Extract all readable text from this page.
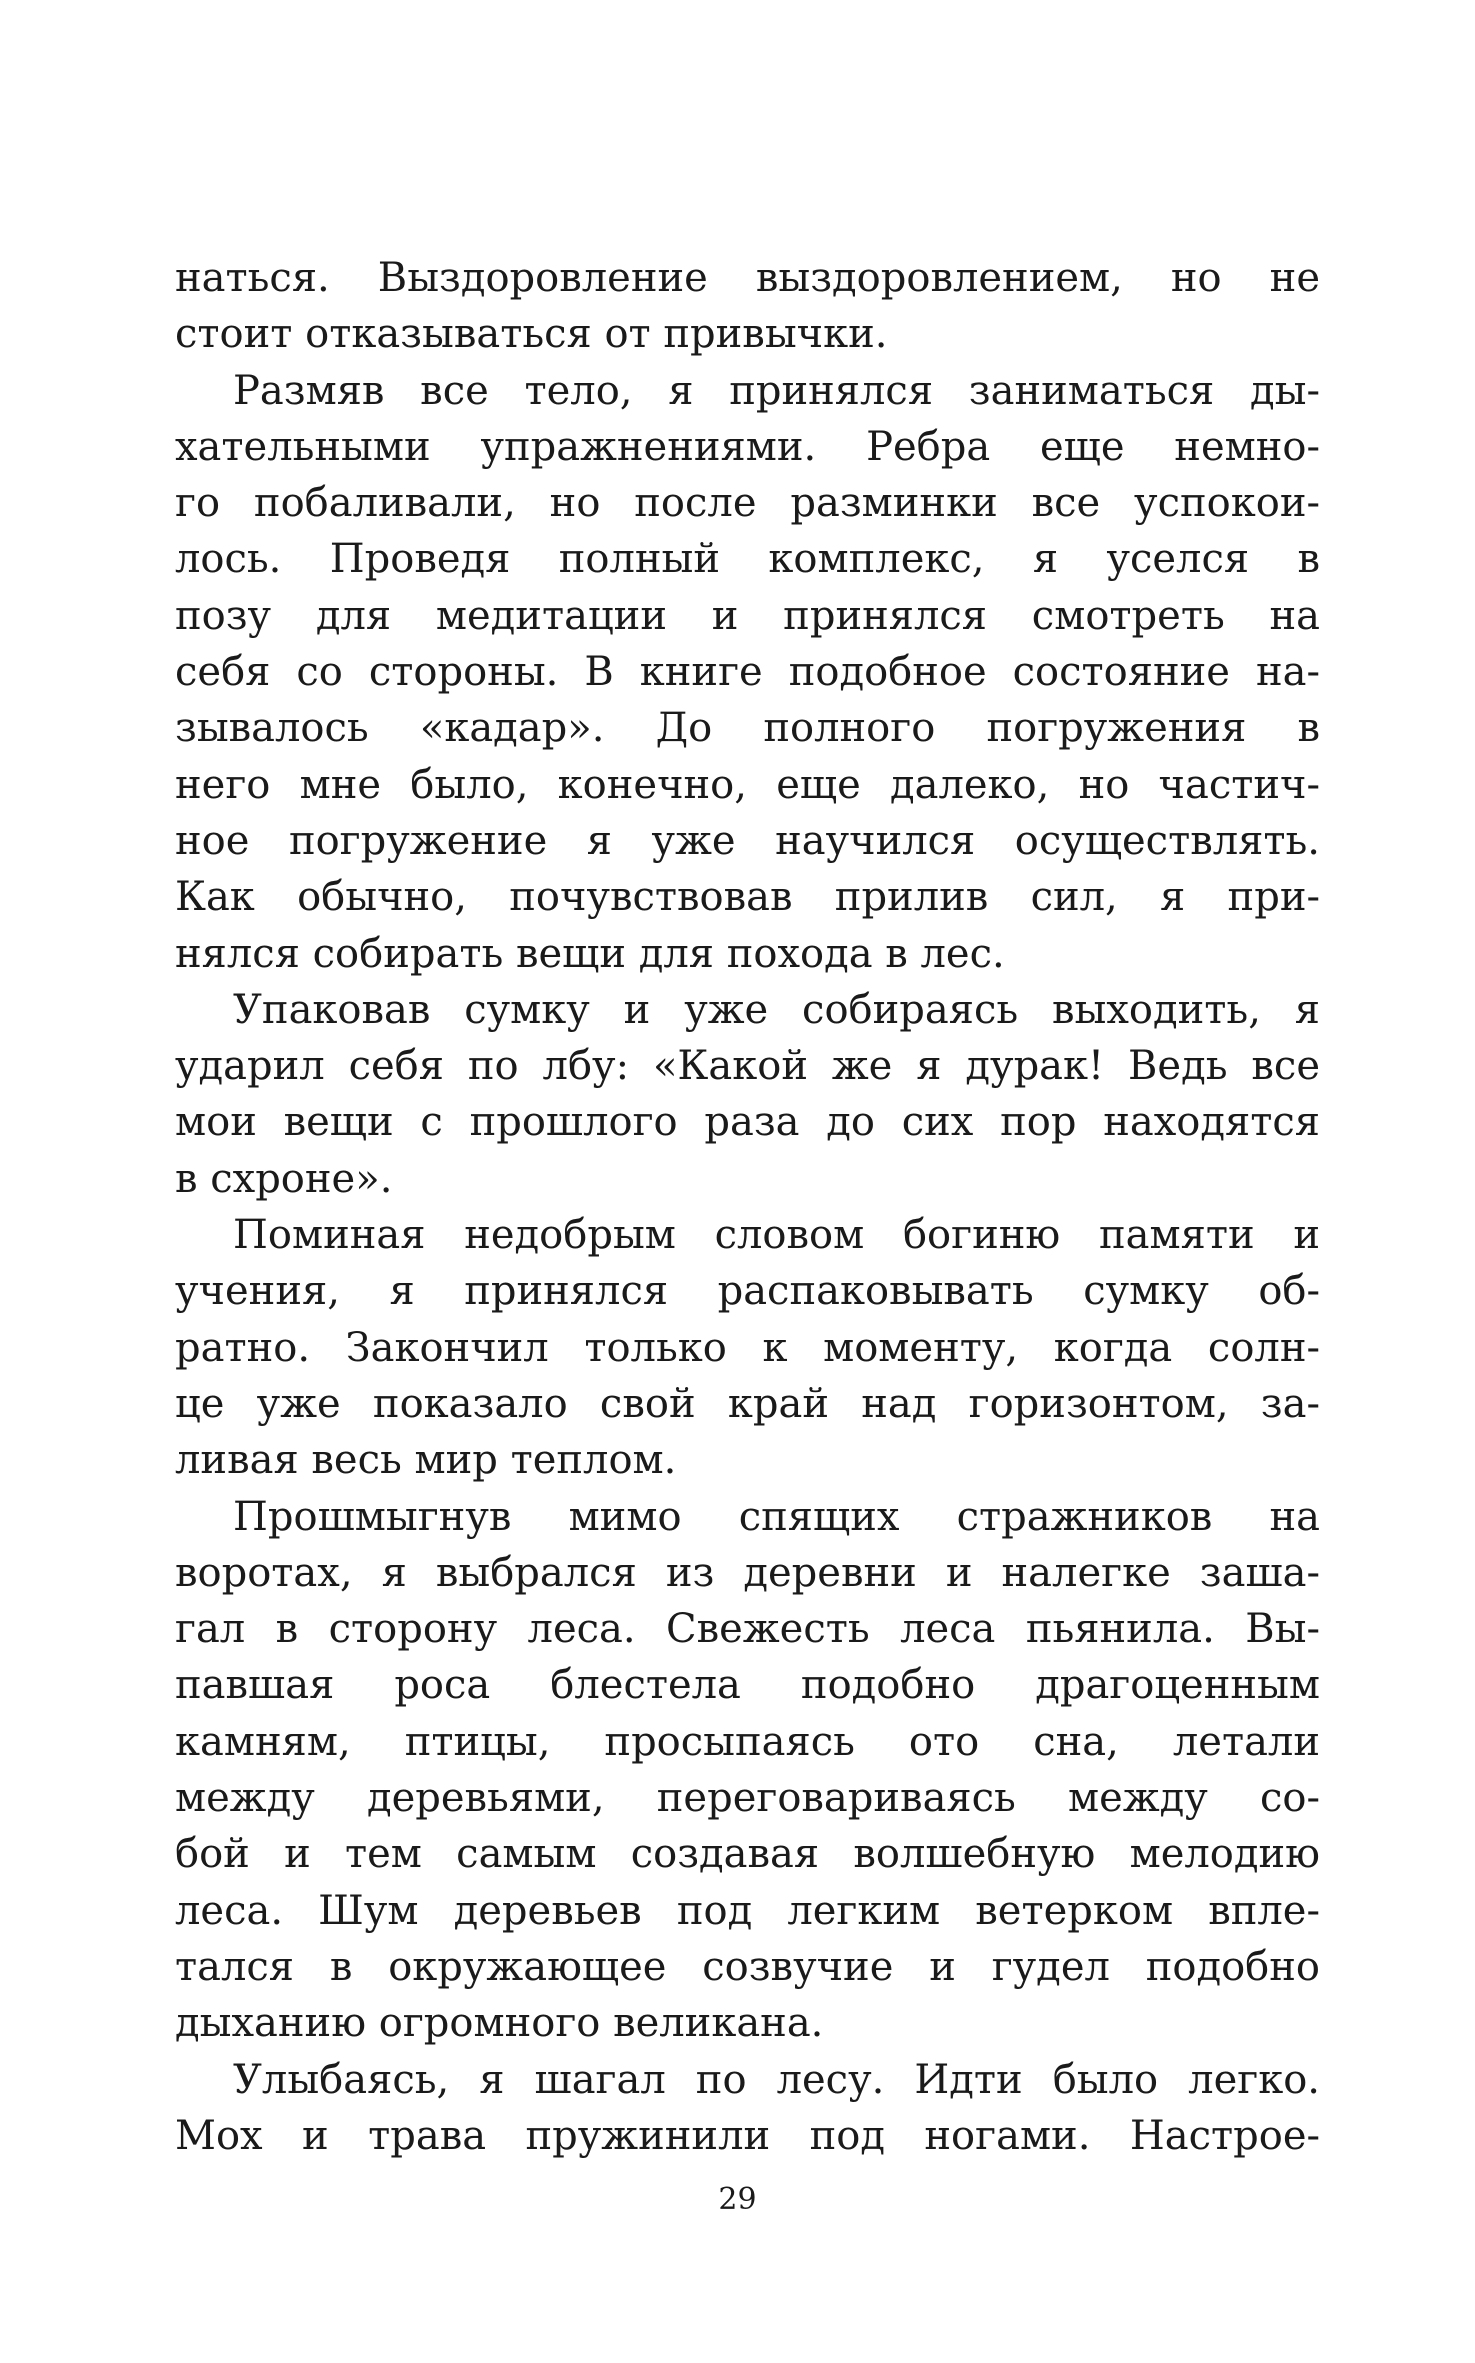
наться. Выздоровление выздоровлением, но не
стоит отказываться от привычки.
Размяв все тело, я принялся заниматься ды-
хательными упражнениями. Ребра еще немно-
го побаливали, но после разминки все успокои-
лось. Проведя полный комплекс, я уселся в
позу для медитации и принялся смотреть на
себя со стороны. В книге подобное состояние на-
зывалось «кадар». До полного погружения в
него мне было, конечно, еще далеко, но частич-
ное погружение я уже научился осуществлять.
Как обычно, почувствовав прилив сил, я при-
нялся собирать вещи для похода в лес.
Упаковав сумку и уже собираясь выходить, я
ударил себя по лбу: «Какой же я дурак! Ведь все
мои вещи с прошлого раза до сих пор находятся
в схроне».
Поминая недобрым словом богиню памяти и
учения, я принялся распаковывать сумку об-
ратно. Закончил только к моменту, когда солн-
це уже показало свой край над горизонтом, за-
ливая весь мир теплом.
Прошмыгнув мимо спящих стражников на
воротах, я выбрался из деревни и налегке зaша-
гал в сторону леса. Свежесть леса пьянила. Вы-
павшая роса блестела подобно драгоценным
камням, птицы, просыпаясь ото сна, летали
между деревьями, переговариваясь между со-
бой и тем самым создавая волшебную мелодию
леса. Шум деревьев под легким ветерком впле-
тался в окружающее созвучие и гудел подобно
дыханию огромного великана.
Улыбаясь, я шагал по лесу. Идти было легко.
Мох и трава пружинили под ногами. Настрое-
29
